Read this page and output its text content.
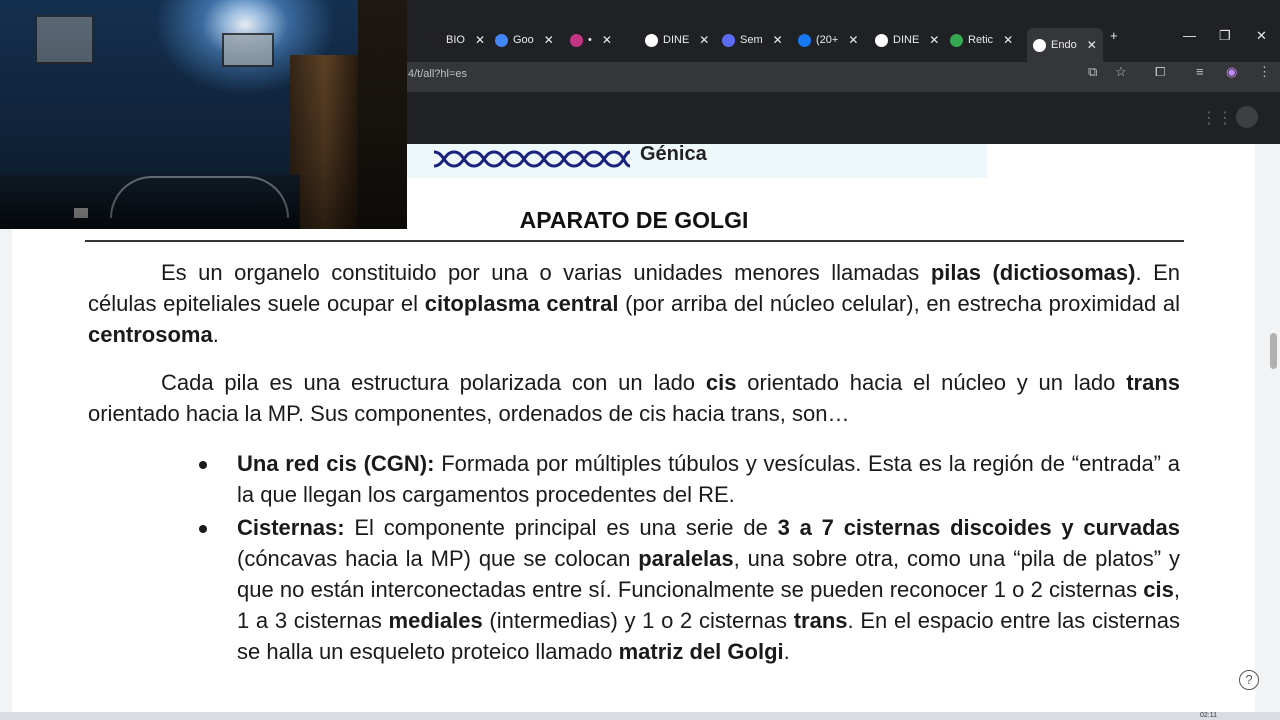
BIO ✕	Goo ✕	• ✕	DINE ✕	Sem ✕	(20+ ✕	DINE ✕	Retic ✕	Endo ✕
+	— ❐ ✕
4/t/all?hl=es	⧉ ☆ ⧠ ≡ ◉ ⋮
⋮⋮
Génica
APARATO DE GOLGI

Es un organelo constituido por una o varias unidades menores llamadas pilas (dictiosomas). En células epiteliales suele ocupar el citoplasma central (por arriba del núcleo celular), en estrecha proximidad al centrosoma.

Cada pila es una estructura polarizada con un lado cis orientado hacia el núcleo y un lado trans orientado hacia la MP. Sus componentes, ordenados de cis hacia trans, son…

Una red cis (CGN): Formada por múltiples túbulos y vesículas. Esta es la región de “entrada” a la que llegan los cargamentos procedentes del RE.
Cisternas: El componente principal es una serie de 3 a 7 cisternas discoides y curvadas (cóncavas hacia la MP) que se colocan paralelas, una sobre otra, como una “pila de platos” y que no están interconectadas entre sí. Funcionalmente se pueden reconocer 1 o 2 cisternas cis, 1 a 3 cisternas mediales (intermedias) y 1 o 2 cisternas trans. En el espacio entre las cisternas se halla un esqueleto proteico llamado matriz del Golgi.
?
02:11
